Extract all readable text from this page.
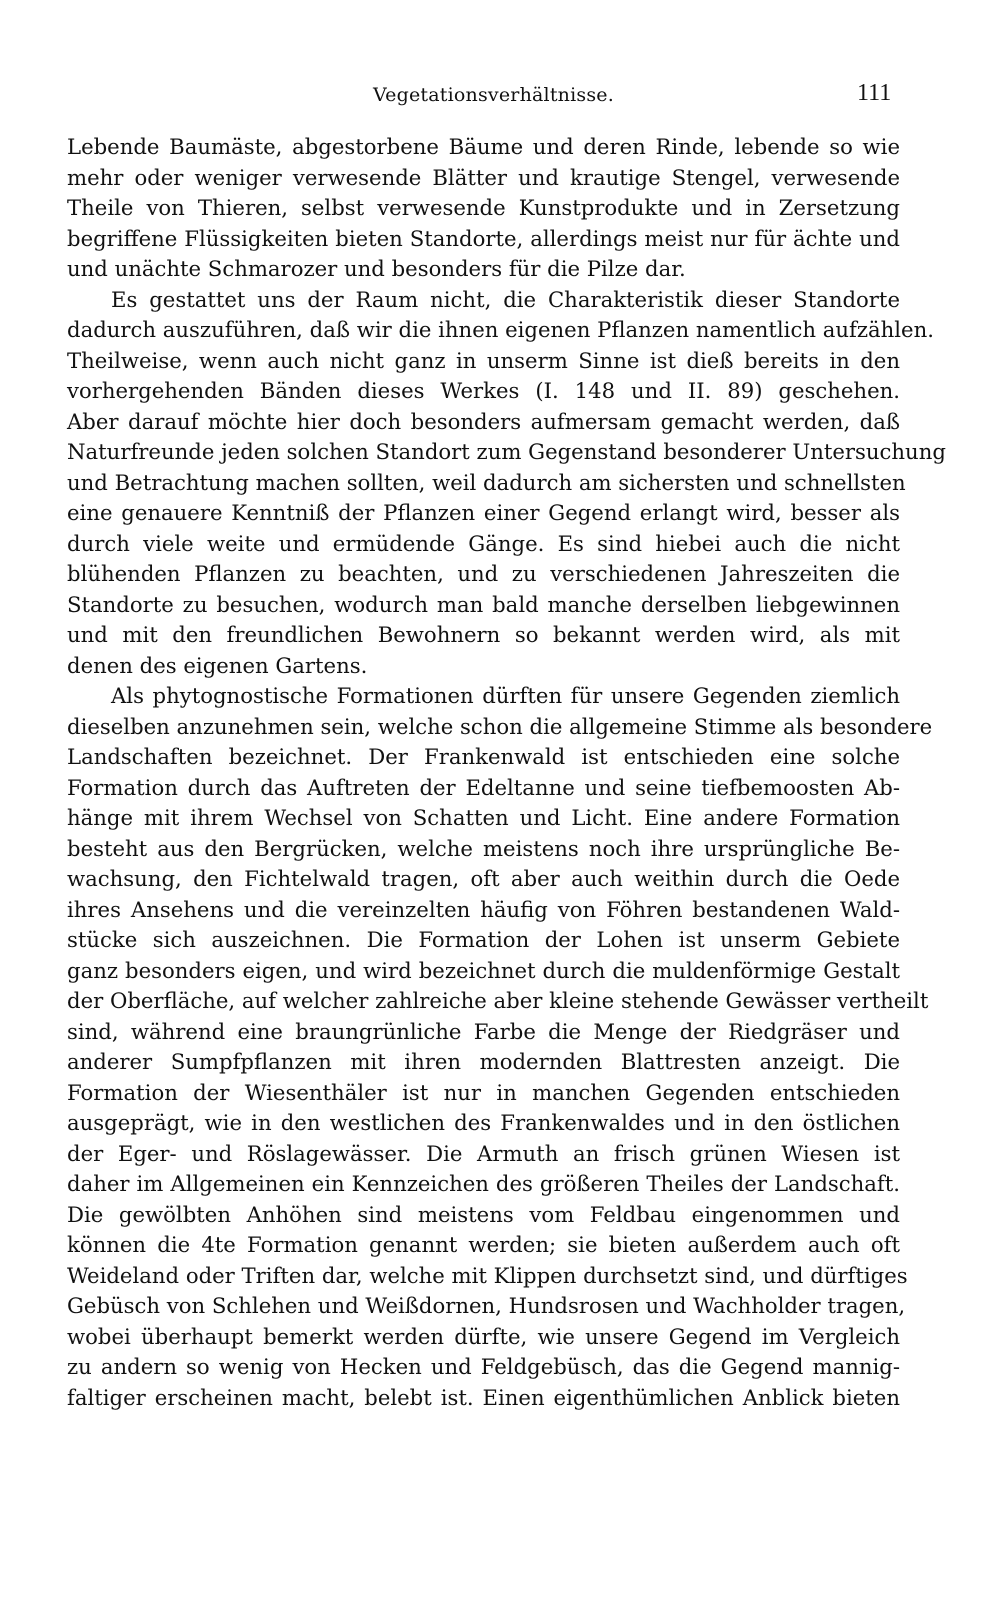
Vegetationsverhältnisse.	111
Lebende Baumäste, abgestorbene Bäume und deren Rinde, lebende so wie
mehr oder weniger verwesende Blätter und krautige Stengel, verwesende
Theile von Thieren, selbst verwesende Kunstprodukte und in Zersetzung
begriffene Flüssigkeiten bieten Standorte, allerdings meist nur für ächte und
und unächte Schmarozer und besonders für die Pilze dar.
Es gestattet uns der Raum nicht, die Charakteristik dieser Standorte
dadurch auszuführen, daß wir die ihnen eigenen Pflanzen namentlich aufzählen.
Theilweise, wenn auch nicht ganz in unserm Sinne ist dieß bereits in den
vorhergehenden Bänden dieses Werkes (I. 148 und II. 89) geschehen.
Aber darauf möchte hier doch besonders aufmersam gemacht werden, daß
Naturfreunde jeden solchen Standort zum Gegenstand besonderer Untersuchung
und Betrachtung machen sollten, weil dadurch am sichersten und schnellsten
eine genauere Kenntniß der Pflanzen einer Gegend erlangt wird, besser als
durch viele weite und ermüdende Gänge. Es sind hiebei auch die nicht
blühenden Pflanzen zu beachten, und zu verschiedenen Jahreszeiten die
Standorte zu besuchen, wodurch man bald manche derselben liebgewinnen
und mit den freundlichen Bewohnern so bekannt werden wird, als mit
denen des eigenen Gartens.
Als phytognostische Formationen dürften für unsere Gegenden ziemlich
dieselben anzunehmen sein, welche schon die allgemeine Stimme als besondere
Landschaften bezeichnet. Der Frankenwald ist entschieden eine solche
Formation durch das Auftreten der Edeltanne und seine tiefbemoosten Ab-
hänge mit ihrem Wechsel von Schatten und Licht. Eine andere Formation
besteht aus den Bergrücken, welche meistens noch ihre ursprüngliche Be-
wachsung, den Fichtelwald tragen, oft aber auch weithin durch die Oede
ihres Ansehens und die vereinzelten häufig von Föhren bestandenen Wald-
stücke sich auszeichnen. Die Formation der Lohen ist unserm Gebiete
ganz besonders eigen, und wird bezeichnet durch die muldenförmige Gestalt
der Oberfläche, auf welcher zahlreiche aber kleine stehende Gewässer vertheilt
sind, während eine braungrünliche Farbe die Menge der Riedgräser und
anderer Sumpfpflanzen mit ihren modernden Blattresten anzeigt. Die
Formation der Wiesenthäler ist nur in manchen Gegenden entschieden
ausgeprägt, wie in den westlichen des Frankenwaldes und in den östlichen
der Eger- und Röslagewässer. Die Armuth an frisch grünen Wiesen ist
daher im Allgemeinen ein Kennzeichen des größeren Theiles der Landschaft.
Die gewölbten Anhöhen sind meistens vom Feldbau eingenommen und
können die 4te Formation genannt werden; sie bieten außerdem auch oft
Weideland oder Triften dar, welche mit Klippen durchsetzt sind, und dürftiges
Gebüsch von Schlehen und Weißdornen, Hundsrosen und Wachholder tragen,
wobei überhaupt bemerkt werden dürfte, wie unsere Gegend im Vergleich
zu andern so wenig von Hecken und Feldgebüsch, das die Gegend mannig-
faltiger erscheinen macht, belebt ist. Einen eigenthümlichen Anblick bieten
